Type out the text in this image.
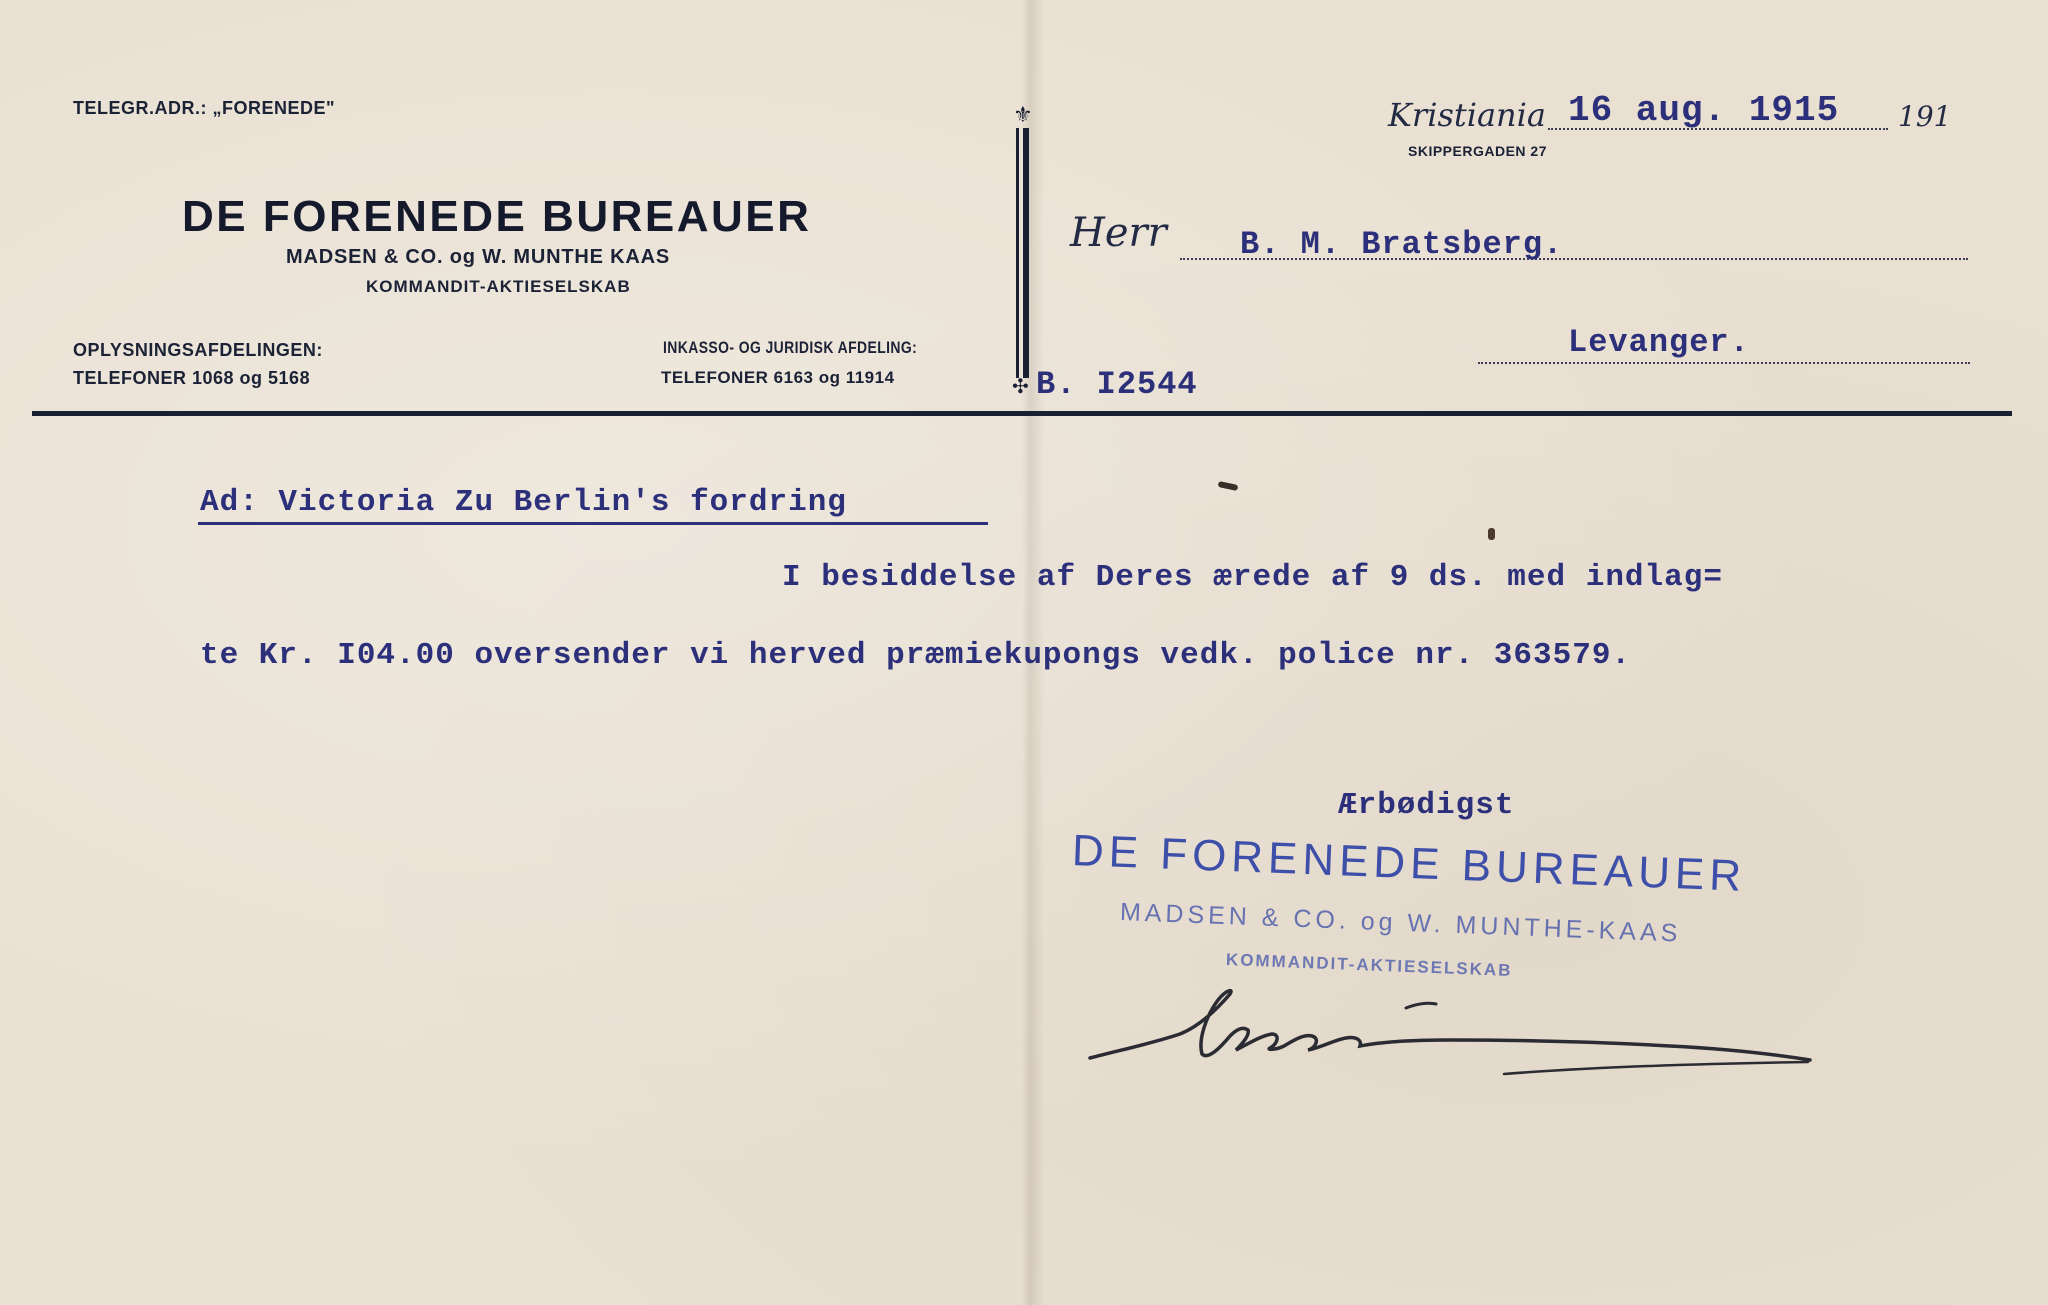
TELEGR.ADR.: „FORENEDE"
DE FORENEDE BUREAUER
MADSEN & CO. og W. MUNTHE KAAS
KOMMANDIT-AKTIESELSKAB
OPLYSNINGSAFDELINGEN:
TELEFONER 1068 og 5168
INKASSO- OG JURIDISK AFDELING:
TELEFONER 6163 og 11914
⚜
✣
Kristiania 16 aug. 1915 191
SKIPPERGADEN 27
Herr B. M. Bratsberg.
Levanger.
B. I2544
Ad: Victoria Zu Berlin's fordring
I besiddelse af Deres ærede af 9 ds. med indlag=
te Kr. I04.00 oversender vi herved præmiekupongs vedk. police nr. 363579.
Ærbødigst
DE FORENEDE BUREAUER
MADSEN & CO. og W. MUNTHE-KAAS
KOMMANDIT-AKTIESELSKAB
